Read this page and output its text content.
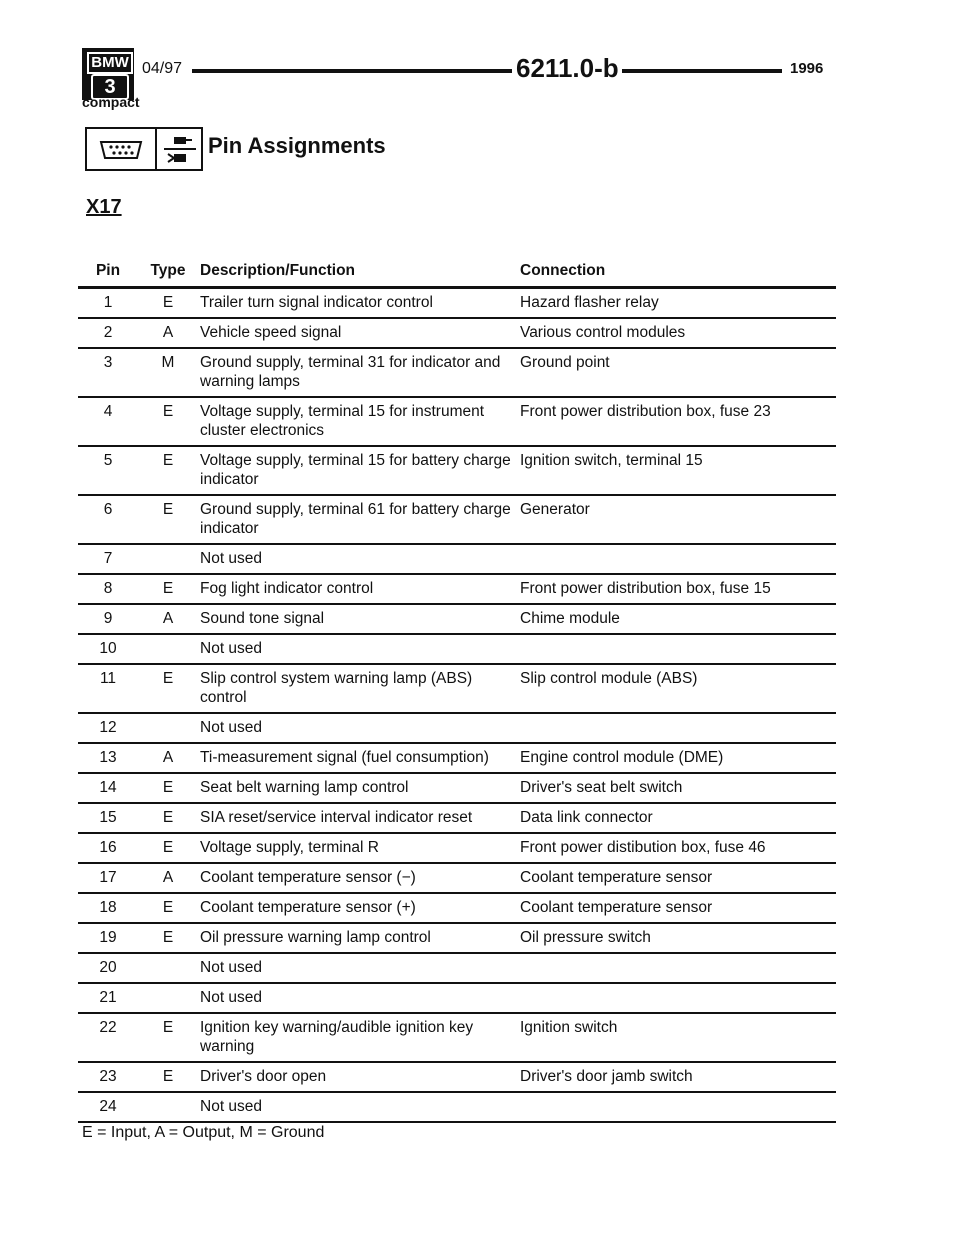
BMW
3
compact
04/97	6211.0-b	1996
Pin Assignments
X17
Pin	Type	Description/Function	Connection
1	E	Trailer turn signal indicator control	Hazard flasher relay
2	A	Vehicle speed signal	Various control modules
3	M	Ground supply, terminal 31 for indicator and warning lamps	Ground point
4	E	Voltage supply, terminal 15 for instrument cluster electronics	Front power distribution box, fuse 23
5	E	Voltage supply, terminal 15 for battery charge indicator	Ignition switch, terminal 15
6	E	Ground supply, terminal 61 for battery charge indicator	Generator
7		Not used	
8	E	Fog light indicator control	Front power distribution box, fuse 15
9	A	Sound tone signal	Chime module
10		Not used	
11	E	Slip control system warning lamp (ABS) control	Slip control module (ABS)
12		Not used	
13	A	Ti-measurement signal (fuel consumption)	Engine control module (DME)
14	E	Seat belt warning lamp control	Driver's seat belt switch
15	E	SIA reset/service interval indicator reset	Data link connector
16	E	Voltage supply, terminal R	Front power distibution box, fuse 46
17	A	Coolant temperature sensor (−)	Coolant temperature sensor
18	E	Coolant temperature sensor (+)	Coolant temperature sensor
19	E	Oil pressure warning lamp control	Oil pressure switch
20		Not used	
21		Not used	
22	E	Ignition key warning/audible ignition key warning	Ignition switch
23	E	Driver's door open	Driver's door jamb switch
24		Not used	
E = Input, A = Output, M = Ground
